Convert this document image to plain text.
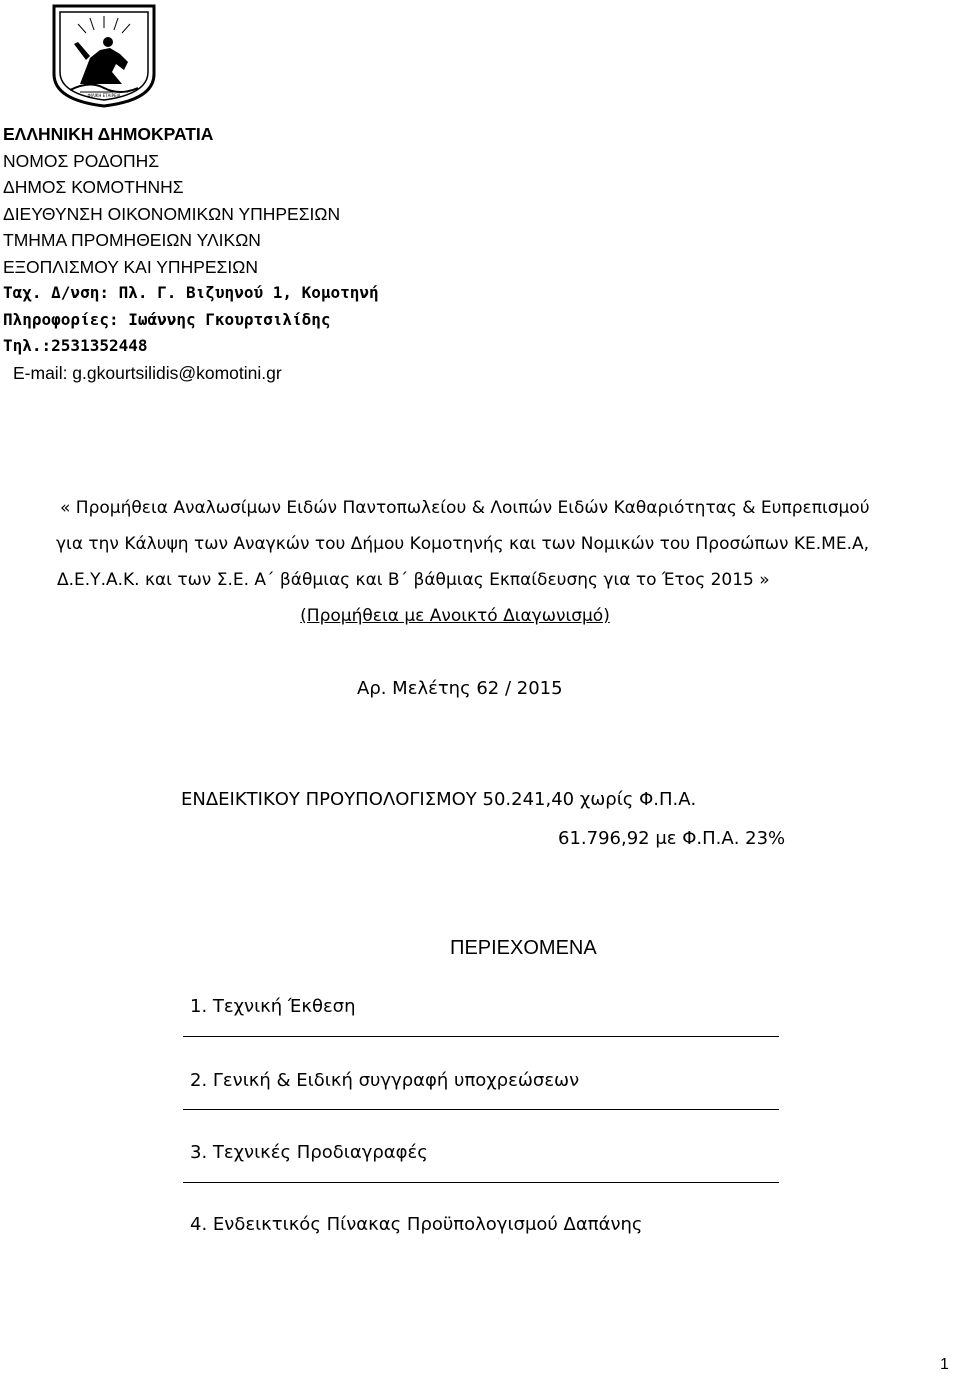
ΦΙΛΙΚΗ ΕΤΑΙΡΕΙΑ
ΕΛΛΗΝΙΚΗ ΔΗΜΟΚΡΑΤΙΑ
ΝΟΜΟΣ ΡΟΔΟΠΗΣ
ΔΗΜΟΣ ΚΟΜΟΤΗΝΗΣ
ΔΙΕΥΘΥΝΣΗ ΟΙΚΟΝΟΜΙΚΩΝ ΥΠΗΡΕΣΙΩΝ
ΤΜΗΜΑ ΠΡΟΜΗΘΕΙΩΝ ΥΛΙΚΩΝ
ΕΞΟΠΛΙΣΜΟΥ ΚΑΙ ΥΠΗΡΕΣΙΩΝ
Ταχ. Δ/νση: Πλ. Γ. Βιζυηνού 1, Κομοτηνή
Πληροφορίες: Ιωάννης Γκουρτσιλίδης
Τηλ.:2531352448
E-mail: g.gkourtsilidis@komotini.gr
« Προμήθεια Αναλωσίμων Ειδών Παντοπωλείου & Λοιπών Ειδών Καθαριότητας & Ευπρεπισμού
για την Κάλυψη των Αναγκών του Δήμου Κομοτηνής και των Νομικών του Προσώπων ΚΕ.ΜΕ.Α,
Δ.Ε.Υ.Α.Κ. και των Σ.Ε. Α΄ βάθμιας και Β΄ βάθμιας Εκπαίδευσης για το Έτος 2015 »
(Προμήθεια με Ανοικτό Διαγωνισμό)
Αρ. Μελέτης 62 / 2015
ΕΝΔΕΙΚΤΙΚΟΥ ΠΡΟΥΠΟΛΟΓΙΣΜΟΥ 50.241,40 χωρίς Φ.Π.Α.
61.796,92 με Φ.Π.Α. 23%
ΠΕΡΙΕΧΟΜΕΝΑ
1. Τεχνική Έκθεση
2. Γενική & Ειδική συγγραφή υποχρεώσεων
3. Τεχνικές Προδιαγραφές
4. Ενδεικτικός Πίνακας Προϋπολογισμού Δαπάνης
1
